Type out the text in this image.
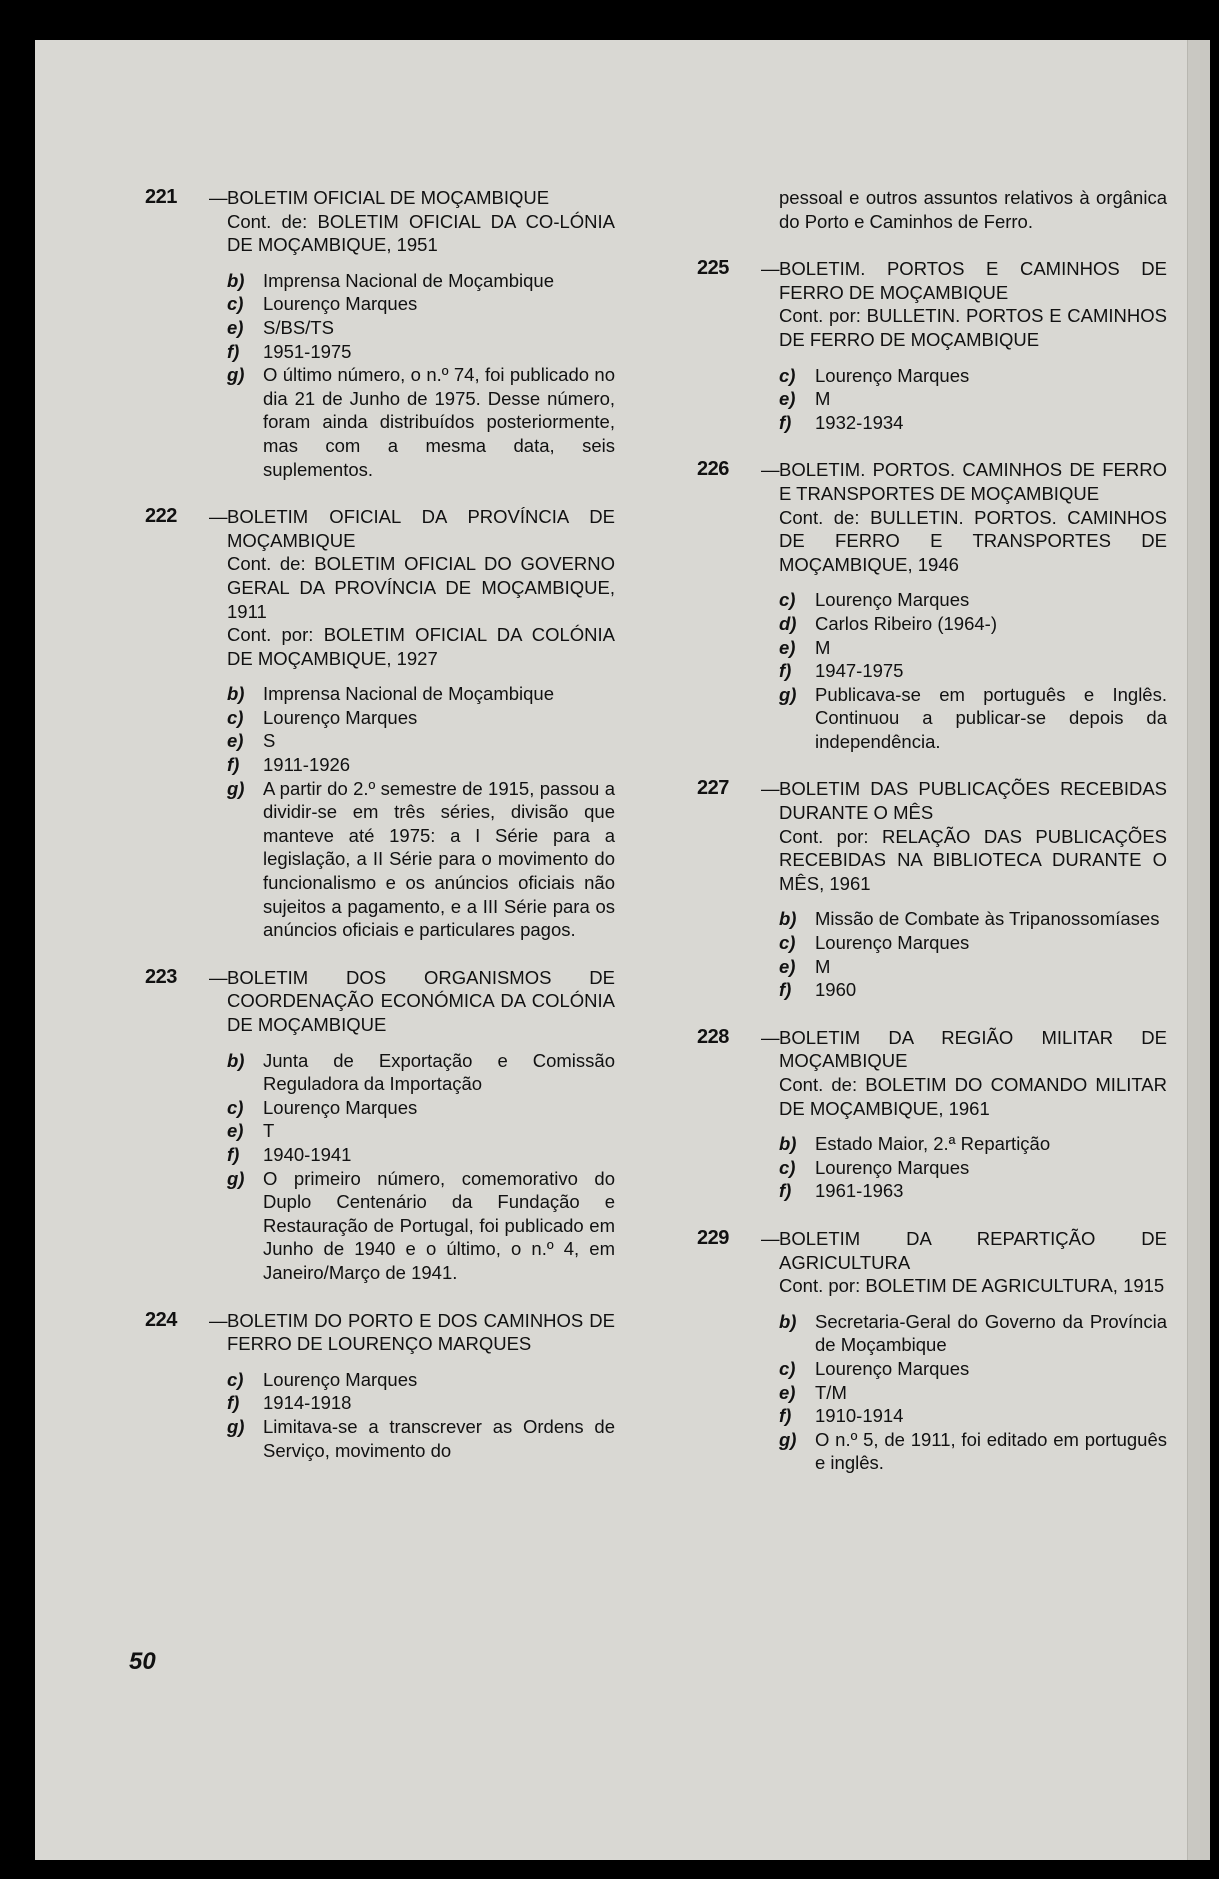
221	— BOLETIM OFICIAL DE MOÇAMBIQUE
Cont. de: BOLETIM OFICIAL DA CO-LÓNIA DE MOÇAMBIQUE, 1951
b)	Imprensa Nacional de Moçambique
c)	Lourenço Marques
e)	S/BS/TS
f)	1951-1975
g)	O último número, o n.º 74, foi publicado no dia 21 de Junho de 1975. Desse número, foram ainda distribuídos posteriormente, mas com a mesma data, seis suplementos.
222	— BOLETIM OFICIAL DA PROVÍNCIA DE MOÇAMBIQUE
Cont. de: BOLETIM OFICIAL DO GOVERNO GERAL DA PROVÍNCIA DE MOÇAMBIQUE, 1911
Cont. por: BOLETIM OFICIAL DA COLÓNIA DE MOÇAMBIQUE, 1927
b)	Imprensa Nacional de Moçambique
c)	Lourenço Marques
e)	S
f)	1911-1926
g)	A partir do 2.º semestre de 1915, passou a dividir-se em três séries, divisão que manteve até 1975: a I Série para a legislação, a II Série para o movimento do funcionalismo e os anúncios oficiais não sujeitos a pagamento, e a III Série para os anúncios oficiais e particulares pagos.
223	— BOLETIM DOS ORGANISMOS DE COORDENAÇÃO ECONÓMICA DA COLÓNIA DE MOÇAMBIQUE
b)	Junta de Exportação e Comissão Reguladora da Importação
c)	Lourenço Marques
e)	T
f)	1940-1941
g)	O primeiro número, comemorativo do Duplo Centenário da Fundação e Restauração de Portugal, foi publicado em Junho de 1940 e o último, o n.º 4, em Janeiro/Março de 1941.
224	— BOLETIM DO PORTO E DOS CAMINHOS DE FERRO DE LOURENÇO MARQUES
c)	Lourenço Marques
f)	1914-1918
g)	Limitava-se a transcrever as Ordens de Serviço, movimento do
pessoal e outros assuntos relativos à orgânica do Porto e Caminhos de Ferro.
225	— BOLETIM. PORTOS E CAMINHOS DE FERRO DE MOÇAMBIQUE
Cont. por: BULLETIN. PORTOS E CAMINHOS DE FERRO DE MOÇAMBIQUE
c)	Lourenço Marques
e)	M
f)	1932-1934
226	— BOLETIM. PORTOS. CAMINHOS DE FERRO E TRANSPORTES DE MOÇAMBIQUE
Cont. de: BULLETIN. PORTOS. CAMINHOS DE FERRO E TRANSPORTES DE MOÇAMBIQUE, 1946
c)	Lourenço Marques
d)	Carlos Ribeiro (1964-)
e)	M
f)	1947-1975
g)	Publicava-se em português e Inglês. Continuou a publicar-se depois da independência.
227	— BOLETIM DAS PUBLICAÇÕES RECEBIDAS DURANTE O MÊS
Cont. por: RELAÇÃO DAS PUBLICAÇÕES RECEBIDAS NA BIBLIOTECA DURANTE O MÊS, 1961
b)	Missão de Combate às Tripanossomíases
c)	Lourenço Marques
e)	M
f)	1960
228	— BOLETIM DA REGIÃO MILITAR DE MOÇAMBIQUE
Cont. de: BOLETIM DO COMANDO MILITAR DE MOÇAMBIQUE, 1961
b)	Estado Maior, 2.ª Repartição
c)	Lourenço Marques
f)	1961-1963
229	— BOLETIM DA REPARTIÇÃO DE AGRICULTURA
Cont. por: BOLETIM DE AGRICULTURA, 1915
b)	Secretaria-Geral do Governo da Província de Moçambique
c)	Lourenço Marques
e)	T/M
f)	1910-1914
g)	O n.º 5, de 1911, foi editado em português e inglês.
50
